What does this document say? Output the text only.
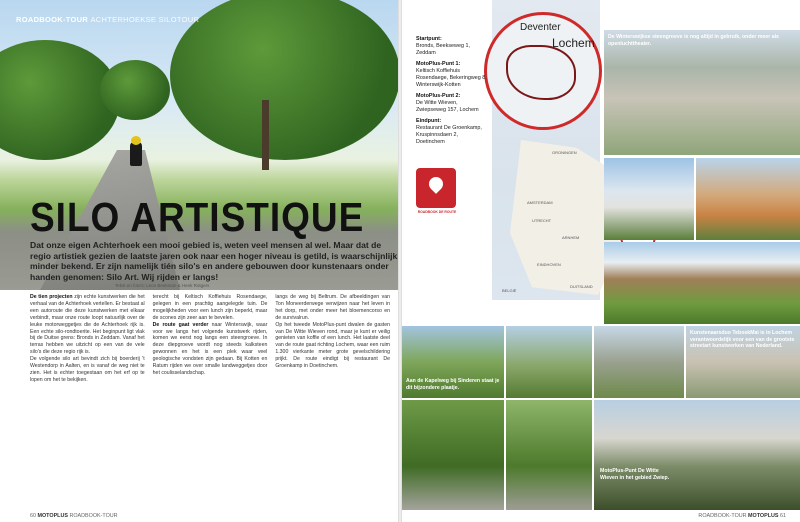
ROADBOOK-TOUR ACHTERHOEKSE SILOTOUR
SILO ARTISTIQUE
Dat onze eigen Achterhoek een mooi gebied is, weten veel mensen al wel. Maar dat de regio artistiek gezien de laatste jaren ook naar een hoger niveau is getild, is waarschijnlijk minder bekend. Er zijn namelijk tién silo's en andere gebouwen door kunstenaars onder handen genomen: Silo Art. Wij rijden er langs!
Tekst en foto's: Leon Beekman & Henk Rotgers
De tien projecten zijn echte kunstwerken die het verhaal van de Achterhoek vertellen. Er bestaat al een autoroute die deze kunstwerken met elkaar verbindt, maar onze route loopt natuurlijk over de leuke motorweggetjes die de Achterhoek rijk is. Een echte silo-rondtoerite. Het beginpunt ligt vlak bij de Duitse grens: Bronds in Zeddam. Vanaf het terras hebben we uitzicht op een van de vele silo's die deze regio rijk is.
De volgende silo art bevindt zich bij boerderij 't Westendorp in Aalten, en is vanaf de weg niet te zien. Het is echter toegestaan om het erf op te lopen om het te bekijken.
terecht bij Keltisch Koffiehuis Rosendaege, gelegen in een prachtig aangelegde tuin. De mogelijkheden voor een lunch zijn beperkt, maar de scones zijn zeer aan te bevelen.
De route gaat verder naar Winterswijk, waar voor we langs het volgende kunstwerk rijden, komen we eerst nog langs een steengroeve. In deze diepgroeve wordt nog steeds kalksteen gewonnen en het is een plek waar veel geologische vondsten zijn gedaan. Bij Kotten en Ratum rijden we over smalle landweggetjes door het coulisselandschap.
langs de weg bij Beltrum. De afbeeldingen van Ton Moneerderwege verwijzen naar het leven in het dorp, met onder meer het bloemencorso en de survivalrun.
Op het tweede MotoPlus-punt dwalen de gasten van De Witte Wieven rond, maar je kunt er veilig genieten van koffie of een lunch. Het laatste deel van de route gaat richting Lochem, waar een ruim 1.300 vierkante meter grote gevelschildering prijkt. De route eindigt bij restaurant De Groenkamp in Doetinchem.
60 MOTOPLUS ROADBOOK-TOUR
GRONINGEN
AMSTERDAM
UTRECHT
ARNHEM
DUITSLAND
BELGIË
EINDHOVEN
Deventer
Lochem
ROADBOOK DE ROUTE
Startpunt:
Bronds, Beekseweg 1, Zeddam
MotoPlus-Punt 1:
Keltisch Koffiehuis Rosendaege, Bekeringweg 8, Winterswijk-Kotten
MotoPlus-Punt 2:
De Witte Wieven, Zwiepseweg 157, Lochem
Eindpunt:
Restaurant De Groenkamp, Kruspinnsdaen 2, Doetinchem
De Winterswijkse steengroeve is nog altijd in gebruik, onder meer als openluchttheater.
Aan de Kapelweg bij Sinderen staat je dit bijzondere plaatje.
Kunstenaarsduo TeboskMai is in Lochem verantwoordelijk voor een van de grootste streetart kunstwerken van Nederland.
MotoPlus-Punt De Witte Wieven in het gebied Zwiep.
ROADBOOK-TOUR MOTOPLUS 61
